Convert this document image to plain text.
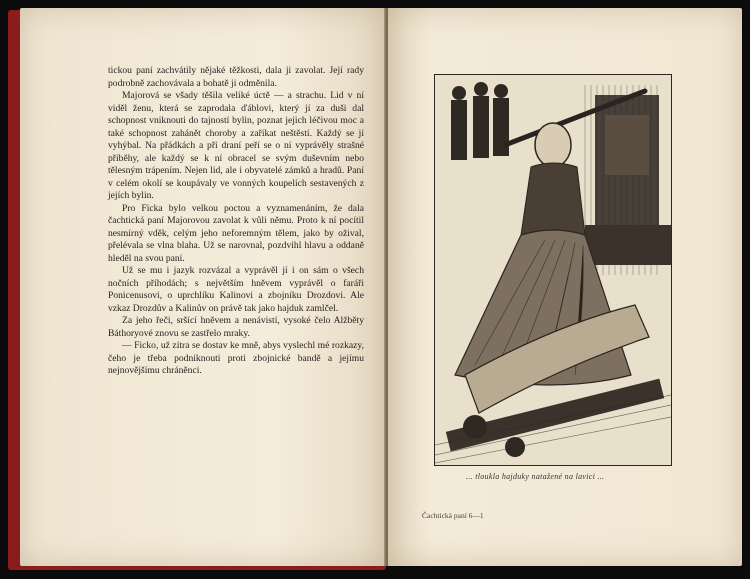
tickou paní zachvátily nějaké těžkosti, dala ji zavolat. Její rady podrobně zachovávala a bohatě ji odměnila.

Majorová se všady těšila veliké úctě — a strachu. Lid v ní viděl ženu, která se zaprodala ďáblovi, který jí za duši dal schopnost vniknouti do tajností bylin, poznat jejich léčivou moc a také schopnost zahánět choroby a zaříkat neštěstí. Každý se jí vyhýbal. Na přádkách a při draní peří se o ní vyprávěly strašné příběhy, ale každý se k ní obracel se svým duševním nebo tělesným trápením. Nejen lid, ale i obyvatelé zámků a hradů. Paní v celém okolí se koupávaly ve vonných koupelích sestavených z jejích bylin.

Pro Ficka bylo velkou poctou a vyznamenáním, že dala čachtická paní Majorovou zavolat k vůli němu. Proto k ní pocítil nesmírný vděk, celým jeho neforemným tělem, jako by ožival, přelévala se vlna blaha. Už se narovnal, pozdvihl hlavu a oddaně hleděl na svou paní.

Už se mu i jazyk rozvázal a vyprávěl jí i on sám o všech nočních příhodách; s největším hněvem vyprávěl o faráři Ponicenusovi, o uprchlíku Kalinovi a zbojníku Drozdovi. Ale vzkaz Drozdův a Kalinův on právě tak jako hajduk zamlčel.

Za jeho řeči, sršící hněvem a nenávistí, vysoké čelo Alžběty Báthoryové znovu se zastřelo mraky.

— Ficko, už zítra se dostav ke mně, abys vyslechl mé rozkazy, čeho je třeba podniknouti proti zbojnické bandě a jejímu nejnovějšímu chráněnci.

... tloukla hajduky natažené na lavici ...
Čachtická paní 6—1
